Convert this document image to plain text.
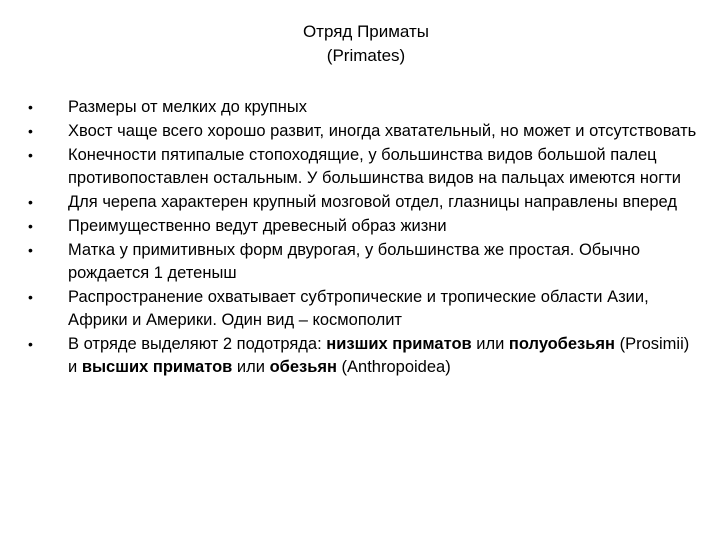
Отряд Приматы
(Primates)
•	Размеры от мелких до крупных
•	Хвост чаще всего хорошо развит, иногда хватательный, но может и отсутствовать
•	Конечности пятипалые стопоходящие, у большинства видов большой палец противопоставлен остальным. У большинства видов на пальцах имеются ногти
•	Для черепа характерен крупный мозговой отдел, глазницы направлены вперед
•	Преимущественно ведут древесный образ жизни
•	Матка у примитивных форм двурогая, у большинства же простая. Обычно рождается 1 детеныш
•	Распространение охватывает субтропические и тропические области Азии, Африки и Америки. Один вид – космополит
•	В отряде выделяют 2 подотряда: низших приматов или полуобезьян (Prosimii) и высших приматов или обезьян (Anthropoidea)
